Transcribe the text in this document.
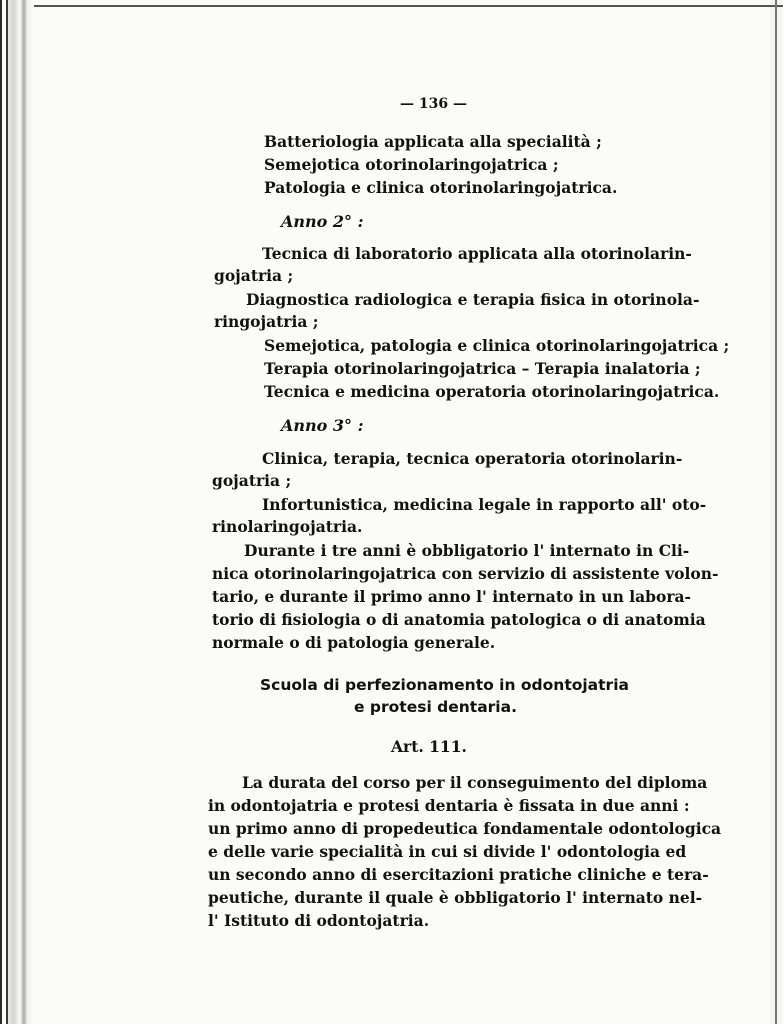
— 136 —
Batteriologia applicata alla specialità ;
Semejotica otorinolaringojatrica ;
Patologia e clinica otorinolaringojatrica.
Anno 2° :
Tecnica di laboratorio applicata alla otorinolarin-
gojatria ;
Diagnostica radiologica e terapia fisica in otorinola-
ringojatria ;
Semejotica, patologia e clinica otorinolaringojatrica ;
Terapia otorinolaringojatrica – Terapia inalatoria ;
Tecnica e medicina operatoria otorinolaringojatrica.
Anno 3° :
Clinica, terapia, tecnica operatoria otorinolarin-
gojatria ;
Infortunistica, medicina legale in rapporto all' oto-
rinolaringojatria.
Durante i tre anni è obbligatorio l' internato in Cli-
nica otorinolaringojatrica con servizio di assistente volon-
tario, e durante il primo anno l' internato in un labora-
torio di fisiologia o di anatomia patologica o di anatomia
normale o di patologia generale.
Scuola di perfezionamento in odontojatria
e protesi dentaria.
Art. 111.
La durata del corso per il conseguimento del diploma
in odontojatria e protesi dentaria è fissata in due anni :
un primo anno di propedeutica fondamentale odontologica
e delle varie specialità in cui si divide l' odontologia ed
un secondo anno di esercitazioni pratiche cliniche e tera-
peutiche, durante il quale è obbligatorio l' internato nel-
l' Istituto di odontojatria.
